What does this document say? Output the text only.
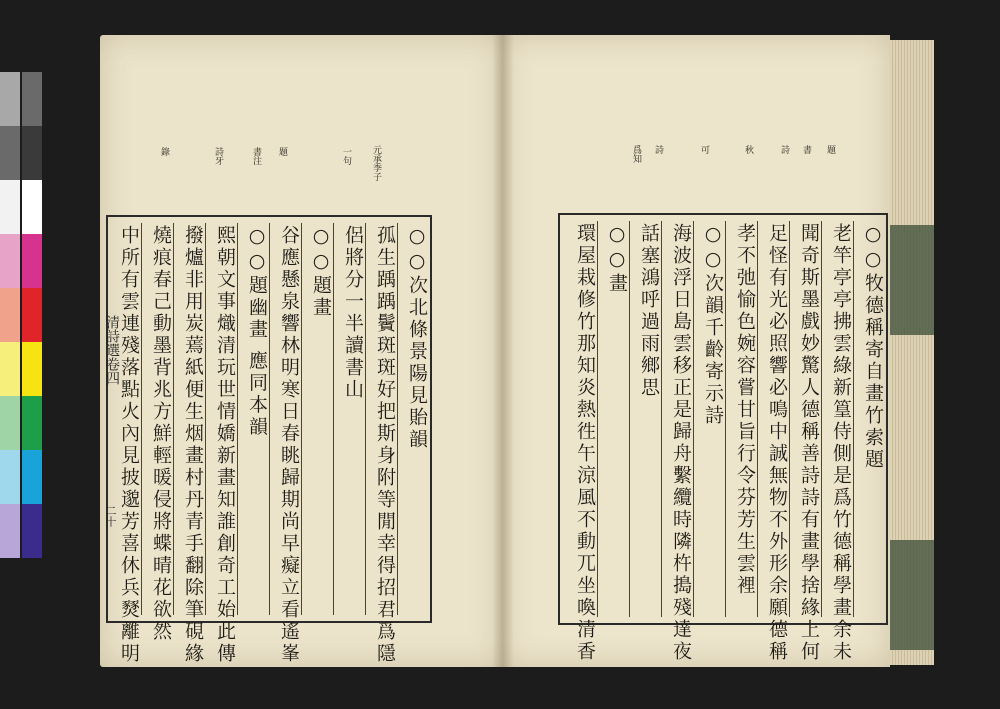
元承季子
一句
題
書注
詩牙
錄
○○次北條景陽見貽韻
孤生踽踽鬢斑斑好把斯身附等閒幸得招君爲隱
侶將分一半讀書山
○○題畫
谷應懸泉響林明寒日春眺歸期尚早癡立看遙峯
○○題幽畫 應同本韻
熙朝文事熾清玩世情嬌新畫知誰創奇工始此傳
撥爐非用炭蔫紙便生烟畫村丹青手翻除筆硯緣
燒痕春己動墨背兆方鮮輕暖侵將蝶晴花欲然
中所有雲連殘落點火內見披邈芳喜休兵燹離明
清詩選卷四
二十
題
書
詩
秋
可
詩
爲知
○○牧德稱寄自畫竹索題
老竿亭亭拂雲綠新篁侍側是爲竹德稱學畫余未
聞奇斯墨戲妙驚人德稱善詩詩有畫學捨緣上何
足怪有光必照響必鳴中誠無物不外形余願德稱
孝不弛愉色婉容嘗甘旨行令芬芳生雲裡
○○次韻千齡寄示詩
海波浮日島雲移正是歸舟繫纜時隣杵搗殘達夜
話塞鴻呼過雨鄉思
○○畫
環屋栽修竹那知炎熱徃午涼風不動兀坐喚清香
